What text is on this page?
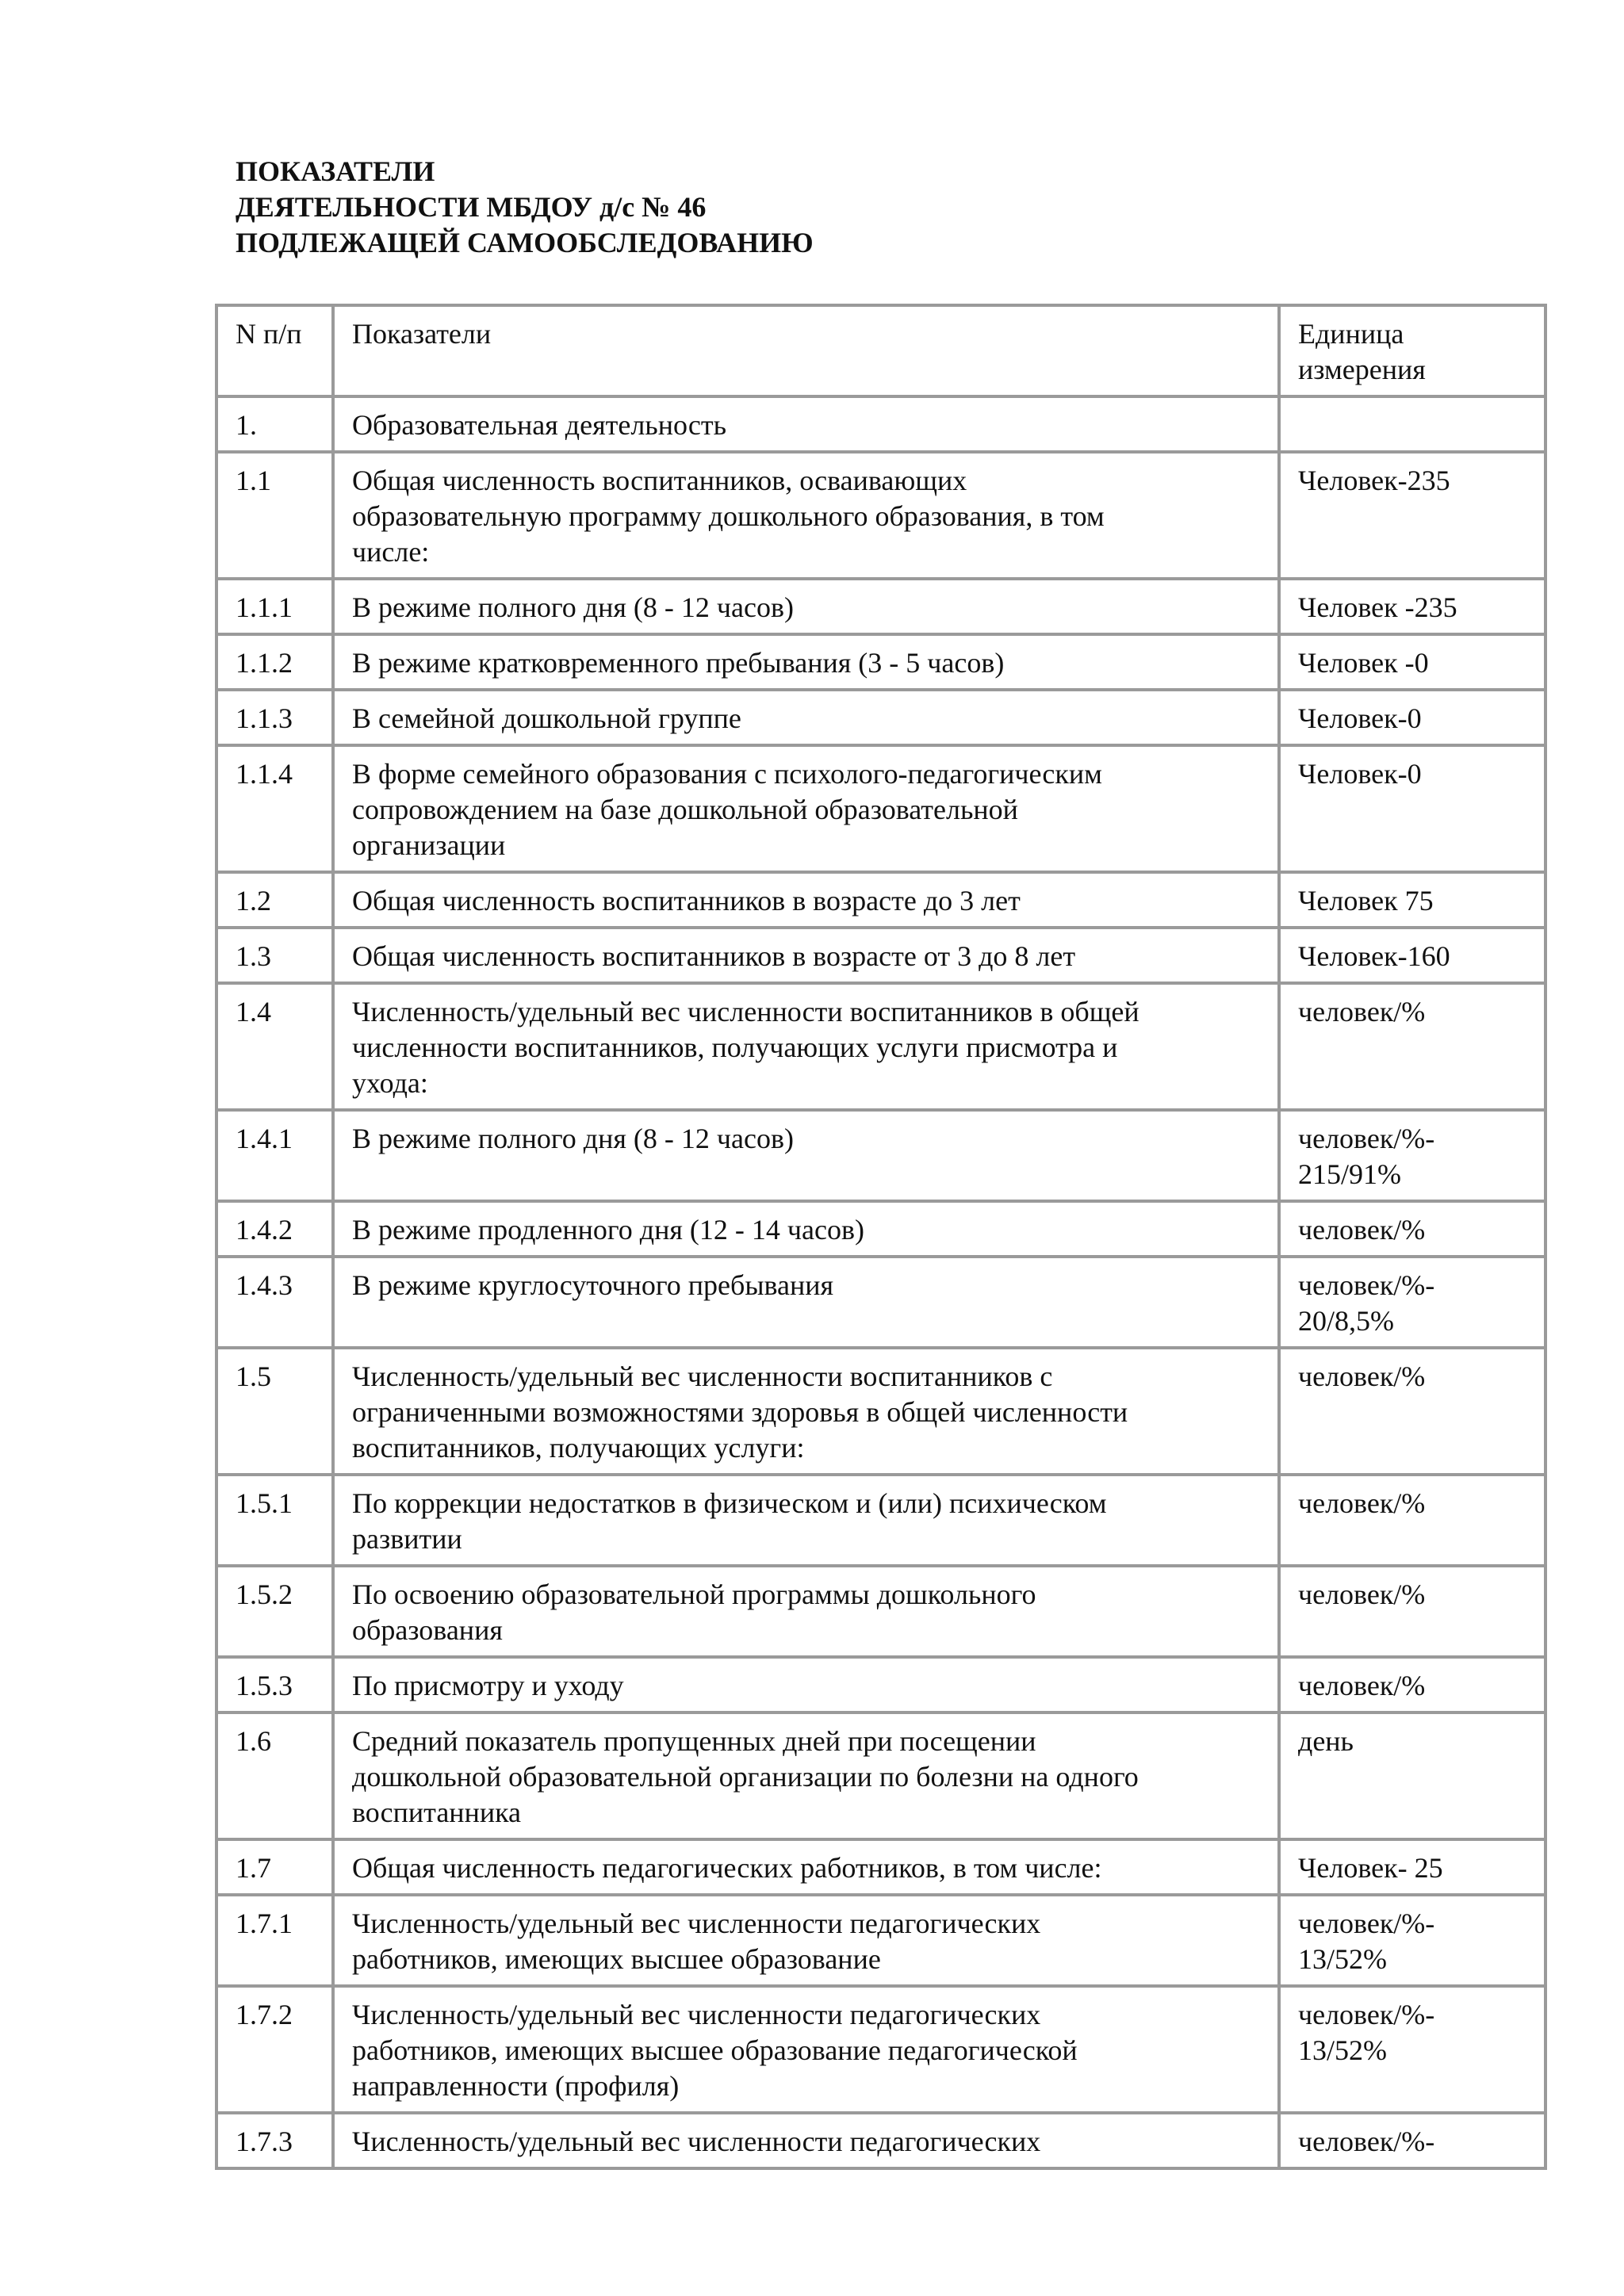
ПОКАЗАТЕЛИ
ДЕЯТЕЛЬНОСТИ МБДОУ д/с № 46
ПОДЛЕЖАЩЕЙ САМООБСЛЕДОВАНИЮ
N п/п	Показатели	Единица
измерения

1.	Образовательная деятельность	

1.1	Общая численность воспитанников, осваивающих
образовательную программу дошкольного образования, в том
числе:	Человек-235

1.1.1	В режиме полного дня (8 - 12 часов)	Человек -235

1.1.2	В режиме кратковременного пребывания (3 - 5 часов)	Человек -0

1.1.3	В семейной дошкольной группе	Человек-0

1.1.4	В форме семейного образования с психолого-педагогическим
сопровождением на базе дошкольной образовательной
организации	Человек-0

1.2	Общая численность воспитанников в возрасте до 3 лет	Человек 75

1.3	Общая численность воспитанников в возрасте от 3 до 8 лет	Человек-160

1.4	Численность/удельный вес численности воспитанников в общей
численности воспитанников, получающих услуги присмотра и
ухода:	человек/%

1.4.1	В режиме полного дня (8 - 12 часов)	человек/%-
215/91%

1.4.2	В режиме продленного дня (12 - 14 часов)	человек/%

1.4.3	В режиме круглосуточного пребывания	человек/%-
20/8,5%

1.5	Численность/удельный вес численности воспитанников с
ограниченными возможностями здоровья в общей численности
воспитанников, получающих услуги:	человек/%

1.5.1	По коррекции недостатков в физическом и (или) психическом
развитии	человек/%

1.5.2	По освоению образовательной программы дошкольного
образования	человек/%

1.5.3	По присмотру и уходу	человек/%

1.6	Средний показатель пропущенных дней при посещении
дошкольной образовательной организации по болезни на одного
воспитанника	день

1.7	Общая численность педагогических работников, в том числе:	Человек- 25

1.7.1	Численность/удельный вес численности педагогических
работников, имеющих высшее образование	человек/%-
13/52%

1.7.2	Численность/удельный вес численности педагогических
работников, имеющих высшее образование педагогической
направленности (профиля)	человек/%-
13/52%

1.7.3	Численность/удельный вес численности педагогических	человек/%-
